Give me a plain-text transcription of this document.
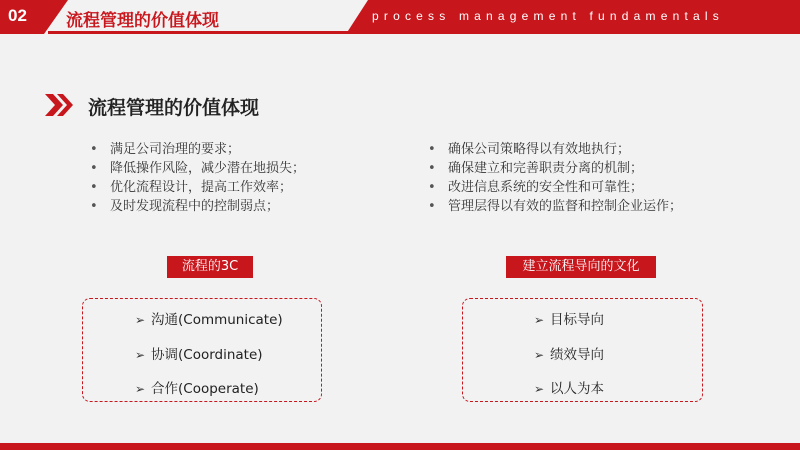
02 流程管理的价值体现	process management fundamentals
流程管理的价值体现
• 满足公司治理的要求；
• 降低操作风险，减少潜在地损失；
• 优化流程设计，提高工作效率；
• 及时发现流程中的控制弱点；
• 确保公司策略得以有效地执行；
• 确保建立和完善职责分离的机制；
• 改进信息系统的安全性和可靠性；
• 管理层得以有效的监督和控制企业运作；
流程的3C	建立流程导向的文化
➢ 沟通(Communicate)
➢ 协调(Coordinate)
➢ 合作(Cooperate)
➢ 目标导向
➢ 绩效导向
➢ 以人为本
